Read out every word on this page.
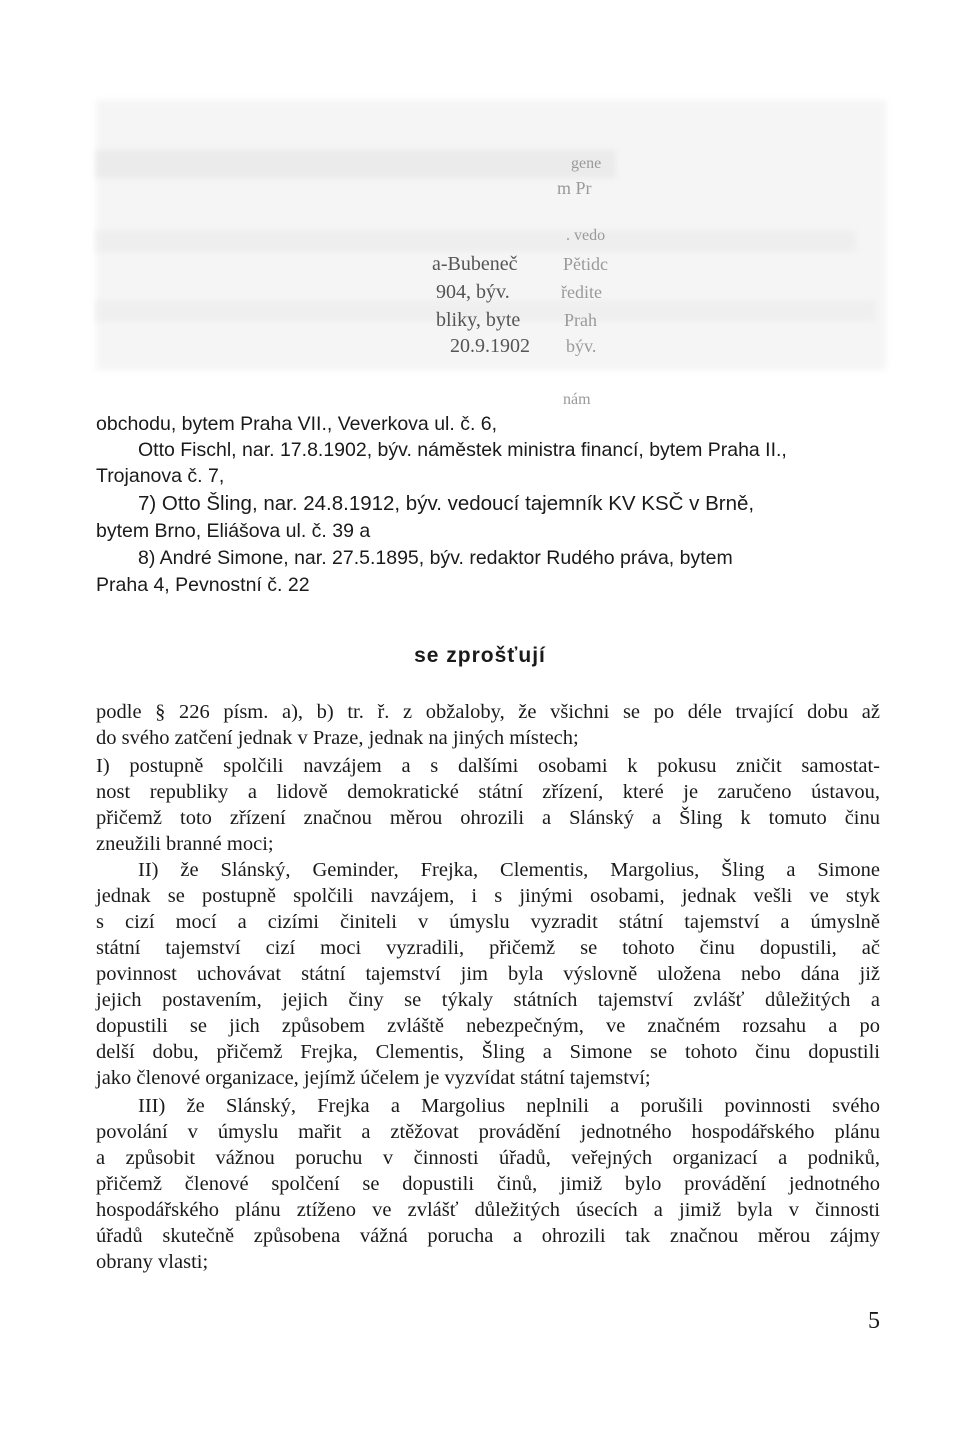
gene
m Pr
. vedo
a-Bubeneč	Pětidc
904, býv.	ředite
bliky, byte Prah
20.9.1902 býv.
nám
obchodu, bytem Praha VII., Veverkova ul. č. 6,
Otto Fischl, nar. 17.8.1902, býv. náměstek ministra financí, bytem Praha II.,
Trojanova č. 7,
7) Otto Šling, nar. 24.8.1912, býv. vedoucí tajemník KV KSČ v Brně,
bytem Brno, Eliášova ul. č. 39 a
8) André Simone, nar. 27.5.1895, býv. redaktor Rudého práva, bytem
Praha 4, Pevnostní č. 22
se zprošťují
podle § 226 písm. a), b) tr. ř. z obžaloby, že všichni se po déle trvající dobu až
do svého zatčení jednak v Praze, jednak na jiných místech;
I) postupně spolčili navzájem a s dalšími osobami k pokusu zničit samostat-
nost republiky a lidově demokratické státní zřízení, které je zaručeno ústavou,
přičemž toto zřízení značnou měrou ohrozili a Slánský a Šling k tomuto činu
zneužili branné moci;
II) že Slánský, Geminder, Frejka, Clementis, Margolius, Šling a Simone
jednak se postupně spolčili navzájem, i s jinými osobami, jednak vešli ve styk
s cizí mocí a cizími činiteli v úmyslu vyzradit státní tajemství a úmyslně
státní tajemství cizí moci vyzradili, přičemž se tohoto činu dopustili, ač
povinnost uchovávat státní tajemství jim byla výslovně uložena nebo dána již
jejich postavením, jejich činy se týkaly státních tajemství zvlášť důležitých a
dopustili se jich způsobem zvláště nebezpečným, ve značném rozsahu a po
delší dobu, přičemž Frejka, Clementis, Šling a Simone se tohoto činu dopustili
jako členové organizace, jejímž účelem je vyzvídat státní tajemství;
III) že Slánský, Frejka a Margolius neplnili a porušili povinnosti svého
povolání v úmyslu mařit a ztěžovat provádění jednotného hospodářského plánu
a způsobit vážnou poruchu v činnosti úřadů, veřejných organizací a podniků,
přičemž členové spolčení se dopustili činů, jimiž bylo provádění jednotného
hospodářského plánu ztíženo ve zvlášť důležitých úsecích a jimiž byla v činnosti
úřadů skutečně způsobena vážná porucha a ohrozili tak značnou měrou zájmy
obrany vlasti;
5
